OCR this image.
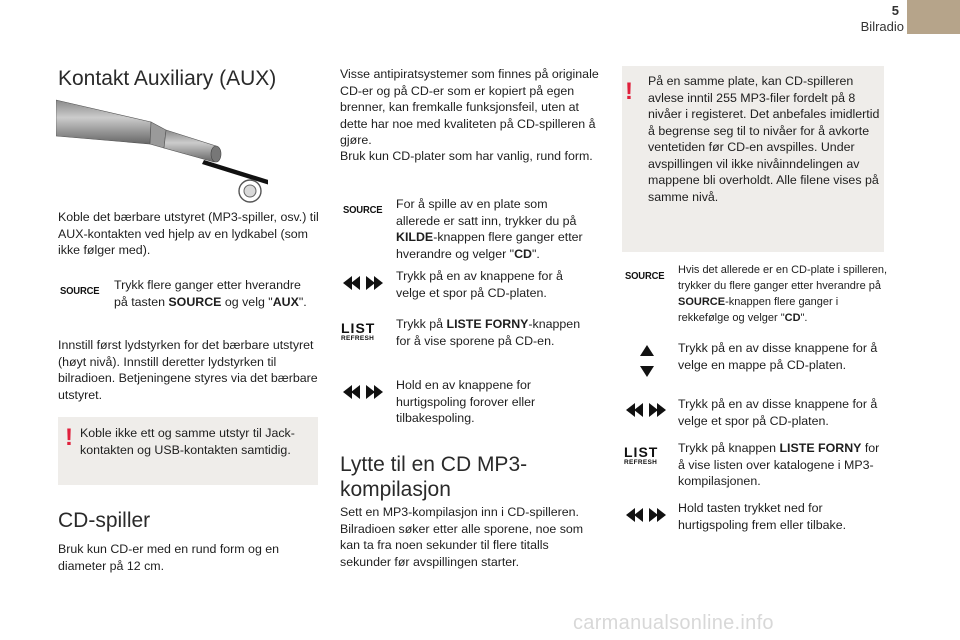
5
Bilradio
Kontakt Auxiliary (AUX)
Koble det bærbare utstyret (MP3-spiller, osv.) til AUX-kontakten ved hjelp av en lydkabel (som ikke følger med).
SOURCE Trykk flere ganger etter hverandre på tasten SOURCE og velg "AUX".
Innstill først lydstyrken for det bærbare utstyret (høyt nivå). Innstill deretter lydstyrken til bilradioen. Betjeningene styres via det bærbare utstyret.
! Koble ikke ett og samme utstyr til Jack-kontakten og USB-kontakten samtidig.
CD-spiller
Bruk kun CD-er med en rund form og en diameter på 12 cm.
Visse antipiratsystemer som finnes på originale CD-er og på CD-er som er kopiert på egen brenner, kan fremkalle funksjonsfeil, uten at dette har noe med kvaliteten på CD-spilleren å gjøre.
Bruk kun CD-plater som har vanlig, rund form.
SOURCE For å spille av en plate som allerede er satt inn, trykker du på KILDE-knappen flere ganger etter hverandre og velger "CD".
Trykk på en av knappene for å velge et spor på CD-platen.
LIST
REFRESH
Trykk på LISTE FORNY-knappen for å vise sporene på CD-en.
Hold en av knappene for hurtigspoling forover eller tilbakespoling.
Lytte til en CD MP3-kompilasjon
Sett en MP3-kompilasjon inn i CD-spilleren. Bilradioen søker etter alle sporene, noe som kan ta fra noen sekunder til flere titalls sekunder før avspillingen starter.
! På en samme plate, kan CD-spilleren avlese inntil 255 MP3-filer fordelt på 8 nivåer i registeret. Det anbefales imidlertid å begrense seg til to nivåer for å avkorte ventetiden før CD-en avspilles. Under avspillingen vil ikke nivåinndelingen av mappene bli overholdt. Alle filene vises på samme nivå.
SOURCE Hvis det allerede er en CD-plate i spilleren, trykker du flere ganger etter hverandre på SOURCE-knappen flere ganger i rekkefølge og velger "CD".
Trykk på en av disse knappene for å velge en mappe på CD-platen.
Trykk på en av disse knappene for å velge et spor på CD-platen.
LIST
REFRESH
Trykk på knappen LISTE FORNY for å vise listen over katalogene i MP3-kompilasjonen.
Hold tasten trykket ned for hurtigspoling frem eller tilbake.
carmanualsonline.info
